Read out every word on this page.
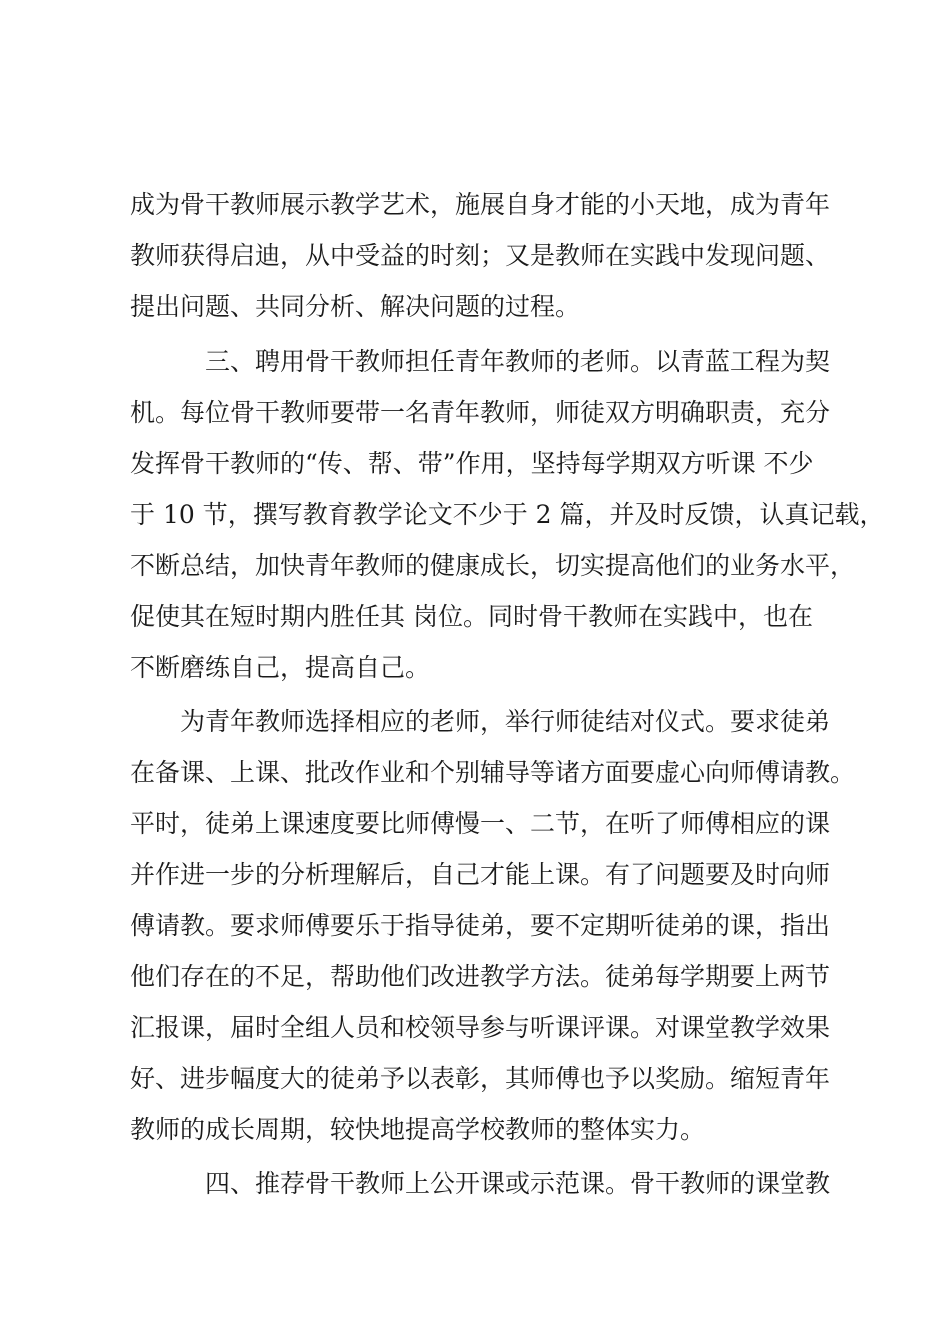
成为骨干教师展示教学艺术，施展自身才能的小天地，成为青年

教师获得启迪，从中受益的时刻；又是教师在实践中发现问题、

提出问题、共同分析、解决问题的过程。

三、聘用骨干教师担任青年教师的老师。以青蓝工程为契

机。每位骨干教师要带一名青年教师，师徒双方明确职责，充分

发挥骨干教师的“传、帮、带”作用，坚持每学期双方听课 不少

于 10 节，撰写教育教学论文不少于 2 篇，并及时反馈，认真记载，

不断总结，加快青年教师的健康成长，切实提高他们的业务水平，

促使其在短时期内胜任其 岗位。同时骨干教师在实践中，也在

不断磨练自己，提高自己。

为青年教师选择相应的老师，举行师徒结对仪式。要求徒弟

在备课、上课、批改作业和个别辅导等诸方面要虚心向师傅请教。

平时，徒弟上课速度要比师傅慢一、二节，在听了师傅相应的课

并作进一步的分析理解后，自己才能上课。有了问题要及时向师

傅请教。要求师傅要乐于指导徒弟，要不定期听徒弟的课，指出

他们存在的不足，帮助他们改进教学方法。徒弟每学期要上两节

汇报课，届时全组人员和校领导参与听课评课。对课堂教学效果

好、进步幅度大的徒弟予以表彰，其师傅也予以奖励。缩短青年

教师的成长周期，较快地提高学校教师的整体实力。

四、推荐骨干教师上公开课或示范课。骨干教师的课堂教
